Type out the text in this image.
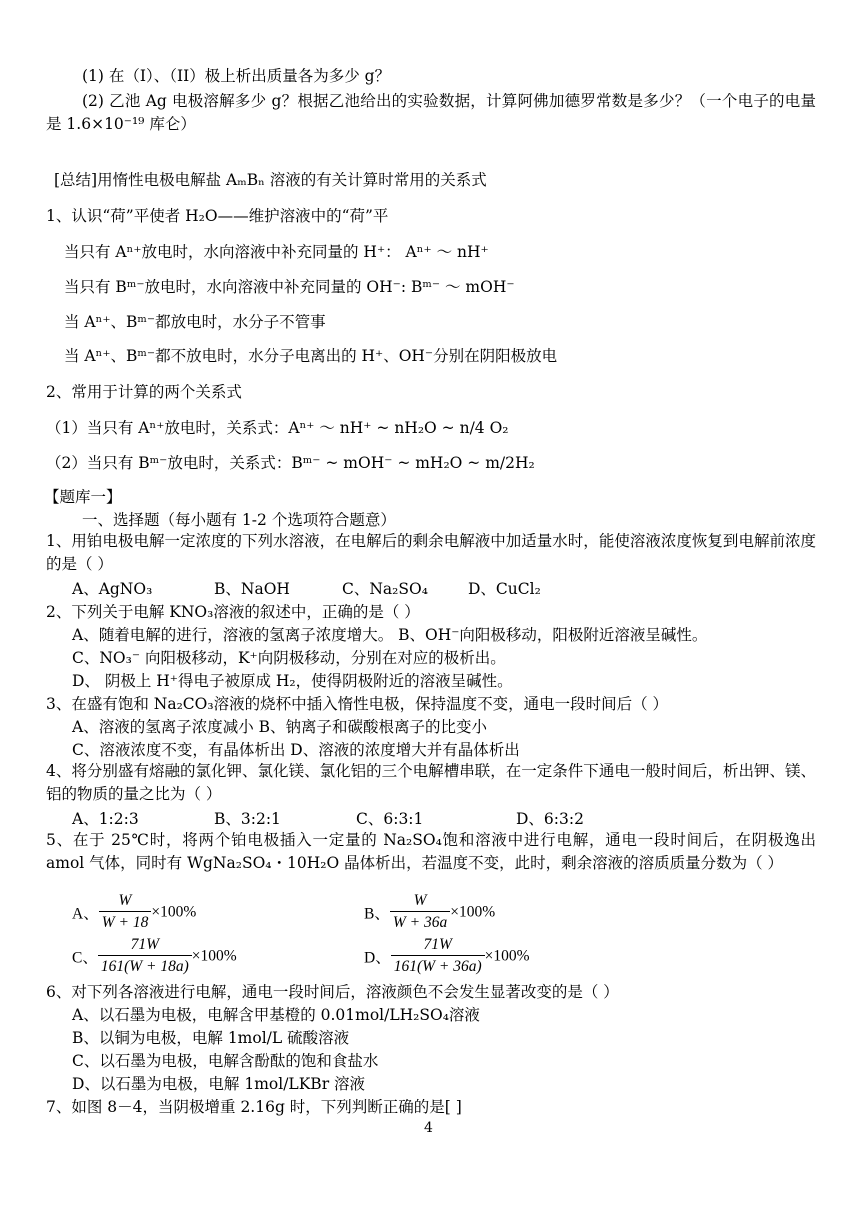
(1) 在（I）、（II）极上析出质量各为多少 g？
(2) 乙池 Ag 电极溶解多少 g？根据乙池给出的实验数据，计算阿佛加德罗常数是多少？（一个电子的电量是 1.6×10⁻¹⁹ 库仑）
[总结]用惰性电极电解盐 AₘBₙ 溶液的有关计算时常用的关系式
1、认识“荷”平使者 H₂O——维护溶液中的“荷”平
当只有 Aⁿ⁺放电时，水向溶液中补充同量的 H⁺： Aⁿ⁺ ～ nH⁺
当只有 Bᵐ⁻放电时，水向溶液中补充同量的 OH⁻: Bᵐ⁻ ～ mOH⁻
当 Aⁿ⁺、Bᵐ⁻都放电时，水分子不管事
当 Aⁿ⁺、Bᵐ⁻都不放电时，水分子电离出的 H⁺、OH⁻分别在阴阳极放电
2、常用于计算的两个关系式
（1）当只有 Aⁿ⁺放电时，关系式：Aⁿ⁺ ～ nH⁺ ~ nH₂O ~ n/4 O₂
（2）当只有 Bᵐ⁻放电时，关系式：Bᵐ⁻ ~ mOH⁻ ~ mH₂O ~ m/2H₂
【题库一】
一、选择题（每小题有 1-2 个选项符合题意）
1、用铂电极电解一定浓度的下列水溶液，在电解后的剩余电解液中加适量水时，能使溶液浓度恢复到电解前浓度的是（ ）
A、AgNO₃	B、NaOH	C、Na₂SO₄	D、CuCl₂
2、下列关于电解 KNO₃溶液的叙述中，正确的是（ ）
A、随着电解的进行，溶液的氢离子浓度增大。 B、OH⁻向阳极移动，阳极附近溶液呈碱性。
C、NO₃⁻ 向阳极移动，K⁺向阴极移动，分别在对应的极析出。
D、 阴极上 H⁺得电子被原成 H₂，使得阴极附近的溶液呈碱性。
3、在盛有饱和 Na₂CO₃溶液的烧杯中插入惰性电极，保持温度不变，通电一段时间后（ ）
A、溶液的氢离子浓度减小 B、钠离子和碳酸根离子的比变小
C、溶液浓度不变，有晶体析出 D、溶液的浓度增大并有晶体析出
4、将分别盛有熔融的氯化钾、氯化镁、氯化铝的三个电解槽串联，在一定条件下通电一般时间后，析出钾、镁、铝的物质的量之比为（ ）
A、1:2:3	B、3:2:1	C、6:3:1	D、6:3:2
5、在于 25℃时，将两个铂电极插入一定量的 Na₂SO₄饱和溶液中进行电解，通电一段时间后，在阴极逸出 amol 气体，同时有 WgNa₂SO₄・10H₂O 晶体析出，若温度不变，此时，剩余溶液的溶质质量分数为（ ）
A、 $\frac{W}{W + 18} \times 100\%$	B、 $\frac{W}{W + 36a} \times 100\%$
C、 $\frac{71W}{161(W + 18a)} \times 100\%$	D、 $\frac{71W}{161(W + 36a)} \times 100\%$
6、对下列各溶液进行电解，通电一段时间后，溶液颜色不会发生显著改变的是（ ）
A、以石墨为电极，电解含甲基橙的 0.01mol/LH₂SO₄溶液
B、以铜为电极，电解 1mol/L 硫酸溶液
C、以石墨为电极，电解含酚酞的饱和食盐水
D、以石墨为电极，电解 1mol/LKBr 溶液
7、如图 8－4，当阴极增重 2.16g 时，下列判断正确的是[ ]
4
